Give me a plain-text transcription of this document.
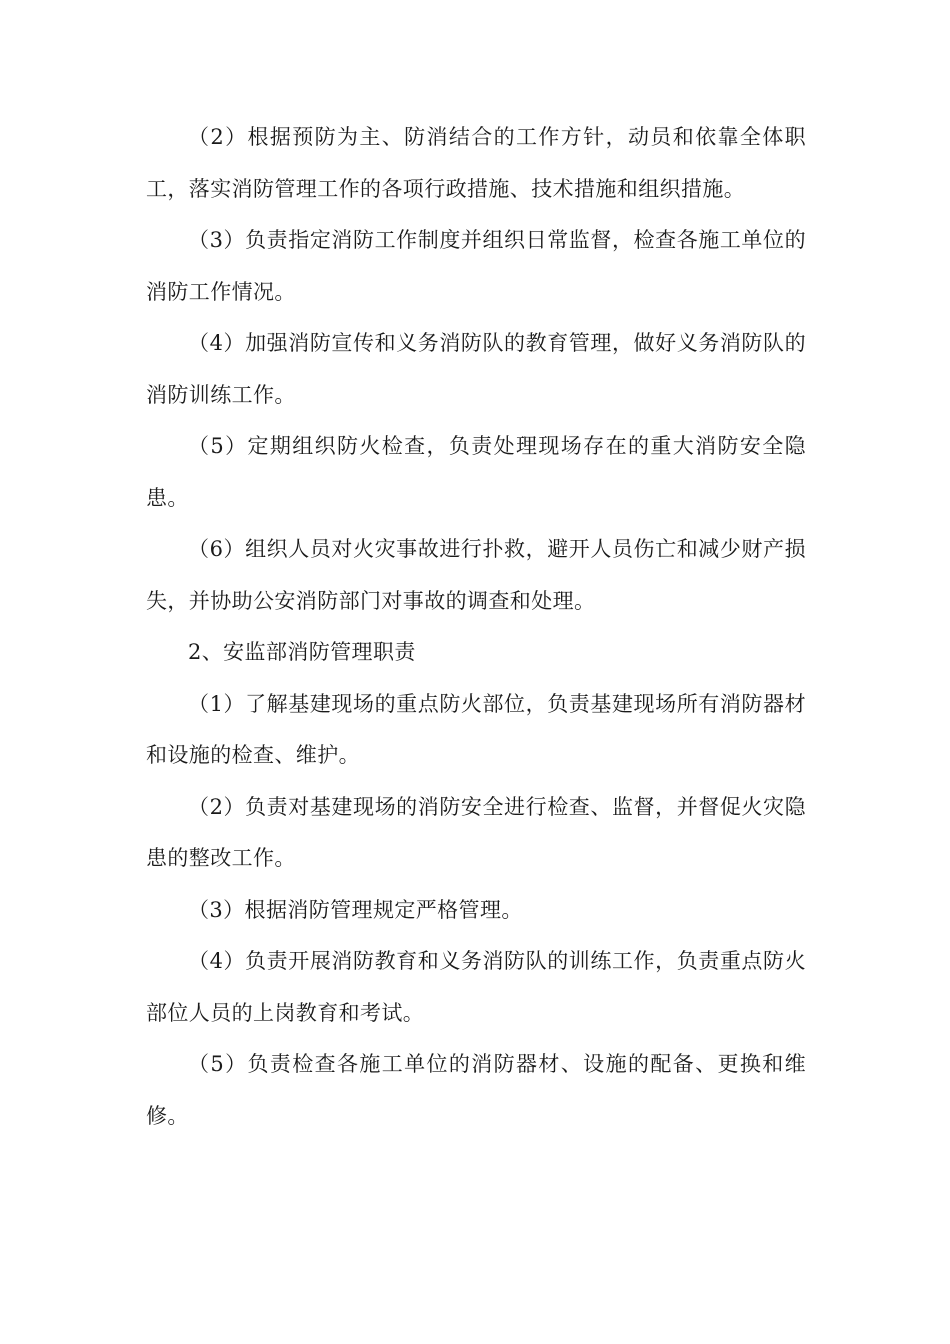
（2）根据预防为主、防消结合的工作方针，动员和依靠全体职工，落实消防管理工作的各项行政措施、技术措施和组织措施。

（3）负责指定消防工作制度并组织日常监督，检查各施工单位的消防工作情况。

（4）加强消防宣传和义务消防队的教育管理，做好义务消防队的消防训练工作。

（5）定期组织防火检查，负责处理现场存在的重大消防安全隐患。

（6）组织人员对火灾事故进行扑救，避开人员伤亡和减少财产损失，并协助公安消防部门对事故的调查和处理。

2、安监部消防管理职责

（1）了解基建现场的重点防火部位，负责基建现场所有消防器材和设施的检查、维护。

（2）负责对基建现场的消防安全进行检查、监督，并督促火灾隐患的整改工作。

（3）根据消防管理规定严格管理。

（4）负责开展消防教育和义务消防队的训练工作，负责重点防火部位人员的上岗教育和考试。

（5）负责检查各施工单位的消防器材、设施的配备、更换和维修。
